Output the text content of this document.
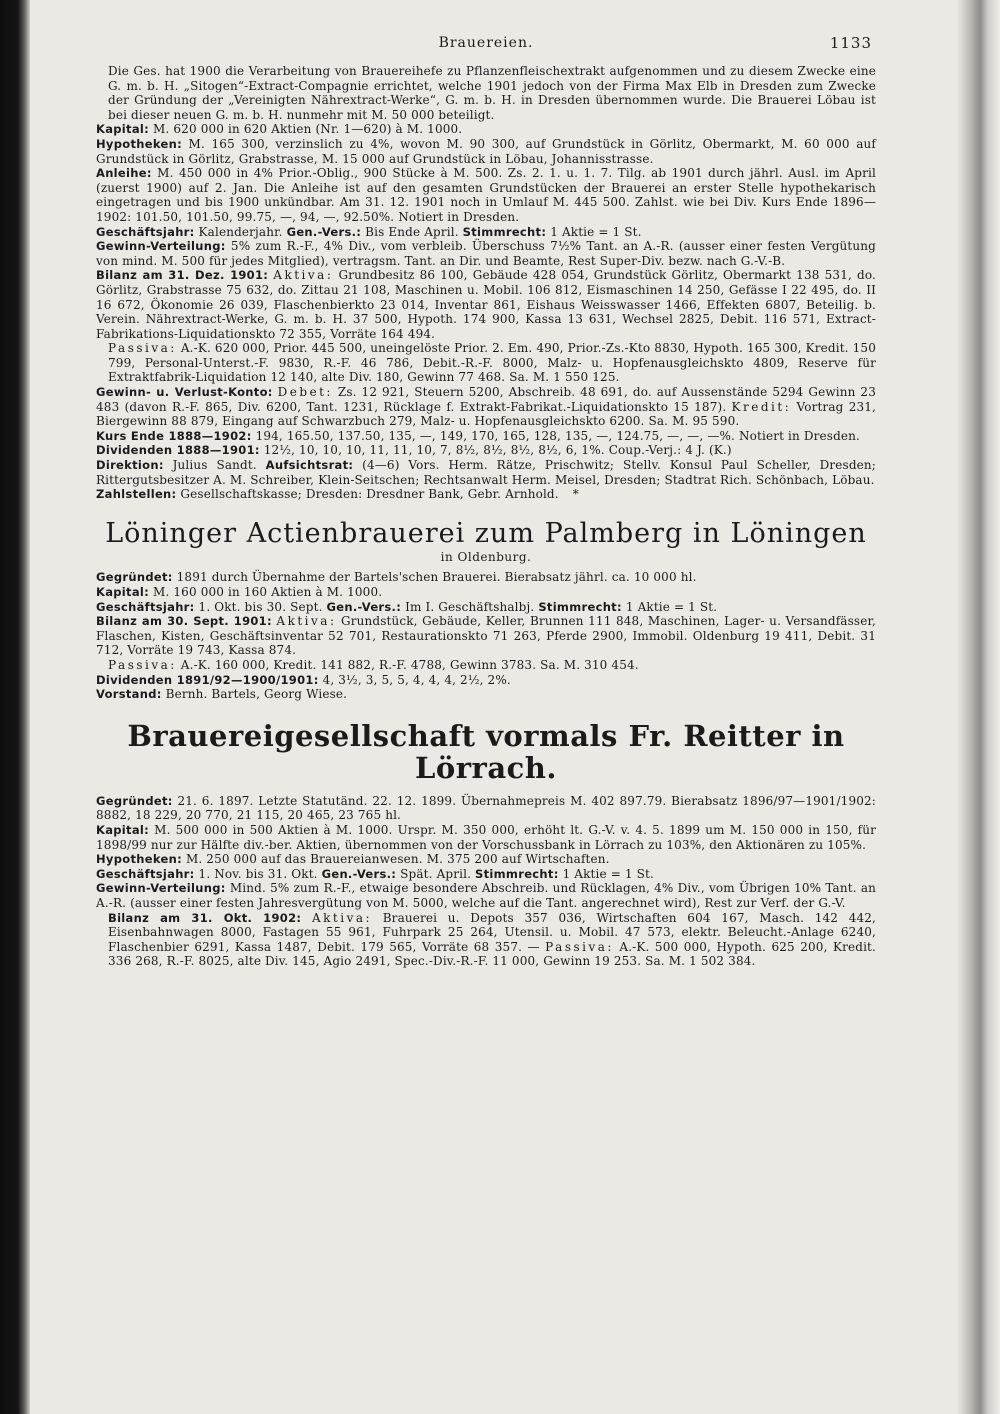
Brauereien.	1133

Die Ges. hat 1900 die Verarbeitung von Brauereihefe zu Pflanzenfleischextrakt aufgenommen und zu diesem Zwecke eine G. m. b. H. „Sitogen“-Extract-Compagnie errichtet, welche 1901 jedoch von der Firma Max Elb in Dresden zum Zwecke der Gründung der „Vereinigten Nährextract-Werke“, G. m. b. H. in Dresden übernommen wurde. Die Brauerei Löbau ist bei dieser neuen G. m. b. H. nunmehr mit M. 50 000 beteiligt.

Kapital: M. 620 000 in 620 Aktien (Nr. 1—620) à M. 1000.

Hypotheken: M. 165 300, verzinslich zu 4%, wovon M. 90 300, auf Grundstück in Görlitz, Obermarkt, M. 60 000 auf Grundstück in Görlitz, Grabstrasse, M. 15 000 auf Grundstück in Löbau, Johannisstrasse.

Anleihe: M. 450 000 in 4% Prior.-Oblig., 900 Stücke à M. 500. Zs. 2. 1. u. 1. 7. Tilg. ab 1901 durch jährl. Ausl. im April (zuerst 1900) auf 2. Jan. Die Anleihe ist auf den gesamten Grundstücken der Brauerei an erster Stelle hypothekarisch eingetragen und bis 1900 unkündbar. Am 31. 12. 1901 noch in Umlauf M. 445 500. Zahlst. wie bei Div. Kurs Ende 1896—1902: 101.50, 101.50, 99.75, —, 94, —, 92.50%. Notiert in Dresden.

Geschäftsjahr: Kalenderjahr. Gen.-Vers.: Bis Ende April. Stimmrecht: 1 Aktie = 1 St.

Gewinn-Verteilung: 5% zum R.-F., 4% Div., vom verbleib. Überschuss 7½% Tant. an A.-R. (ausser einer festen Vergütung von mind. M. 500 für jedes Mitglied), vertragsm. Tant. an Dir. und Beamte, Rest Super-Div. bezw. nach G.-V.-B.

Bilanz am 31. Dez. 1901: Aktiva: Grundbesitz 86 100, Gebäude 428 054, Grundstück Görlitz, Obermarkt 138 531, do. Görlitz, Grabstrasse 75 632, do. Zittau 21 108, Maschinen u. Mobil. 106 812, Eismaschinen 14 250, Gefässe I 22 495, do. II 16 672, Ökonomie 26 039, Flaschenbierkto 23 014, Inventar 861, Eishaus Weisswasser 1466, Effekten 6807, Beteilig. b. Verein. Nährextract-Werke, G. m. b. H. 37 500, Hypoth. 174 900, Kassa 13 631, Wechsel 2825, Debit. 116 571, Extract-Fabrikations-Liquidationskto 72 355, Vorräte 164 494.

Passiva: A.-K. 620 000, Prior. 445 500, uneingelöste Prior. 2. Em. 490, Prior.-Zs.-Kto 8830, Hypoth. 165 300, Kredit. 150 799, Personal-Unterst.-F. 9830, R.-F. 46 786, Debit.-R.-F. 8000, Malz- u. Hopfenausgleichskto 4809, Reserve für Extraktfabrik-Liquidation 12 140, alte Div. 180, Gewinn 77 468. Sa. M. 1 550 125.

Gewinn- u. Verlust-Konto: Debet: Zs. 12 921, Steuern 5200, Abschreib. 48 691, do. auf Aussenstände 5294 Gewinn 23 483 (davon R.-F. 865, Div. 6200, Tant. 1231, Rücklage f. Extrakt-Fabrikat.-Liquidationskto 15 187). Kredit: Vortrag 231, Biergewinn 88 879, Eingang auf Schwarzbuch 279, Malz- u. Hopfenausgleichskto 6200. Sa. M. 95 590.

Kurs Ende 1888—1902: 194, 165.50, 137.50, 135, —, 149, 170, 165, 128, 135, —, 124.75, —, —, —%. Notiert in Dresden.

Dividenden 1888—1901: 12½, 10, 10, 10, 11, 11, 10, 7, 8½, 8½, 8½, 8½, 6, 1%. Coup.-Verj.: 4 J. (K.)

Direktion: Julius Sandt. Aufsichtsrat: (4—6) Vors. Herm. Rätze, Prischwitz; Stellv. Konsul Paul Scheller, Dresden; Rittergutsbesitzer A. M. Schreiber, Klein-Seitschen; Rechtsanwalt Herm. Meisel, Dresden; Stadtrat Rich. Schönbach, Löbau.

Zahlstellen: Gesellschaftskasse; Dresden: Dresdner Bank, Gebr. Arnhold. *

Löninger Actienbrauerei zum Palmberg in Löningen
in Oldenburg.

Gegründet: 1891 durch Übernahme der Bartels'schen Brauerei. Bierabsatz jährl. ca. 10 000 hl.

Kapital: M. 160 000 in 160 Aktien à M. 1000.

Geschäftsjahr: 1. Okt. bis 30. Sept. Gen.-Vers.: Im I. Geschäftshalbj. Stimmrecht: 1 Aktie = 1 St.

Bilanz am 30. Sept. 1901: Aktiva: Grundstück, Gebäude, Keller, Brunnen 111 848, Maschinen, Lager- u. Versandfässer, Flaschen, Kisten, Geschäftsinventar 52 701, Restaurationskto 71 263, Pferde 2900, Immobil. Oldenburg 19 411, Debit. 31 712, Vorräte 19 743, Kassa 874.

Passiva: A.-K. 160 000, Kredit. 141 882, R.-F. 4788, Gewinn 3783. Sa. M. 310 454.

Dividenden 1891/92—1900/1901: 4, 3½, 3, 5, 5, 4, 4, 4, 2½, 2%.

Vorstand: Bernh. Bartels, Georg Wiese.

Brauereigesellschaft vormals Fr. Reitter in Lörrach.

Gegründet: 21. 6. 1897. Letzte Statutänd. 22. 12. 1899. Übernahmepreis M. 402 897.79. Bierabsatz 1896/97—1901/1902: 8882, 18 229, 20 770, 21 115, 20 465, 23 765 hl.

Kapital: M. 500 000 in 500 Aktien à M. 1000. Urspr. M. 350 000, erhöht lt. G.-V. v. 4. 5. 1899 um M. 150 000 in 150, für 1898/99 nur zur Hälfte div.-ber. Aktien, übernommen von der Vorschussbank in Lörrach zu 103%, den Aktionären zu 105%.

Hypotheken: M. 250 000 auf das Brauereianwesen. M. 375 200 auf Wirtschaften.

Geschäftsjahr: 1. Nov. bis 31. Okt. Gen.-Vers.: Spät. April. Stimmrecht: 1 Aktie = 1 St.

Gewinn-Verteilung: Mind. 5% zum R.-F., etwaige besondere Abschreib. und Rücklagen, 4% Div., vom Übrigen 10% Tant. an A.-R. (ausser einer festen Jahresvergütung von M. 5000, welche auf die Tant. angerechnet wird), Rest zur Verf. der G.-V.

Bilanz am 31. Okt. 1902: Aktiva: Brauerei u. Depots 357 036, Wirtschaften 604 167, Masch. 142 442, Eisenbahnwagen 8000, Fastagen 55 961, Fuhrpark 25 264, Utensil. u. Mobil. 47 573, elektr. Beleucht.-Anlage 6240, Flaschenbier 6291, Kassa 1487, Debit. 179 565, Vorräte 68 357. — Passiva: A.-K. 500 000, Hypoth. 625 200, Kredit. 336 268, R.-F. 8025, alte Div. 145, Agio 2491, Spec.-Div.-R.-F. 11 000, Gewinn 19 253. Sa. M. 1 502 384.
